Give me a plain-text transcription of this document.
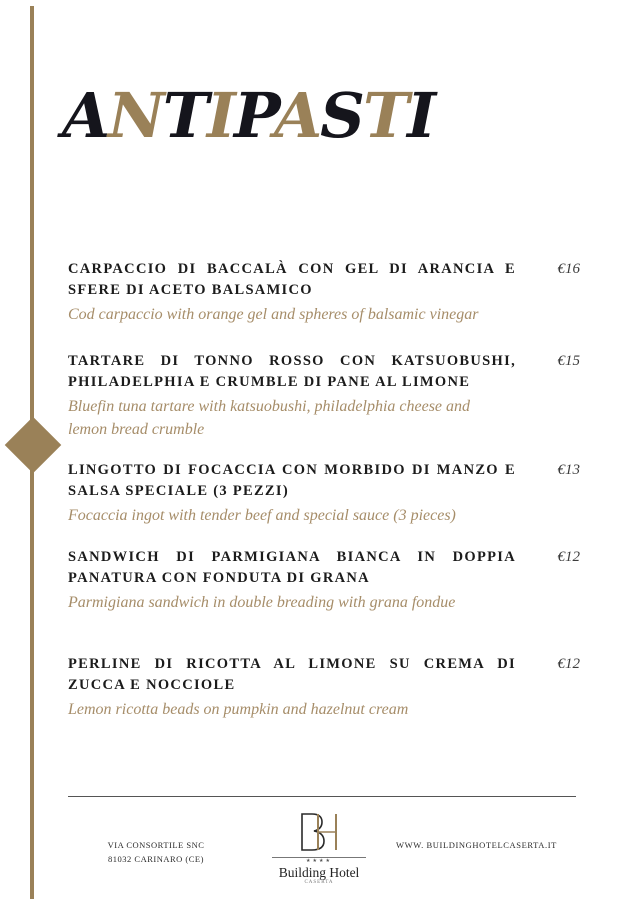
ANTIPASTI

CARPACCIO DI BACCALÀ CON GEL DI ARANCIA E SFERE DI ACETO BALSAMICO

Cod carpaccio with orange gel and spheres of balsamic vinegar

€16

TARTARE DI TONNO ROSSO CON KATSUOBUSHI, PHILADELPHIA E CRUMBLE DI PANE AL LIMONE

Bluefin tuna tartare with katsuobushi, philadelphia cheese and lemon bread crumble

€15

LINGOTTO DI FOCACCIA CON MORBIDO DI MANZO E SALSA SPECIALE (3 PEZZI)

Focaccia ingot with tender beef and special sauce (3 pieces)

€13

SANDWICH DI PARMIGIANA BIANCA IN DOPPIA PANATURA CON FONDUTA DI GRANA

Parmigiana sandwich in double breading with grana fondue

€12

PERLINE DI RICOTTA AL LIMONE SU CREMA DI ZUCCA E NOCCIOLE

Lemon ricotta beads on pumpkin and hazelnut cream

€12
VIA CONSORTILE SNC
81032 CARINARO (CE)	★★★★
Building Hotel
CASERTA
WWW. BUILDINGHOTELCASERTA.IT
